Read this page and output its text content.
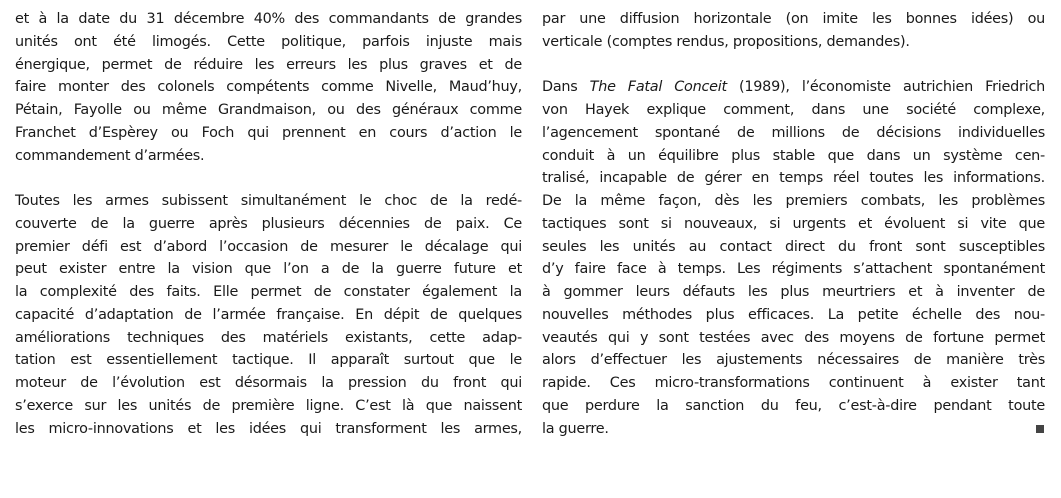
et à la date du 31 décembre 40% des commandants de grandes
unités ont été limogés. Cette politique, parfois injuste mais
énergique, permet de réduire les erreurs les plus graves et de
faire monter des colonels compétents comme Nivelle, Maud’huy,
Pétain, Fayolle ou même Grandmaison, ou des généraux comme
Franchet d’Espèrey ou Foch qui prennent en cours d’action le
commandement d’armées.
Toutes les armes subissent simultanément le choc de la redé-
couverte de la guerre après plusieurs décennies de paix. Ce
premier défi est d’abord l’occasion de mesurer le décalage qui
peut exister entre la vision que l’on a de la guerre future et
la complexité des faits. Elle permet de constater également la
capacité d’adaptation de l’armée française. En dépit de quelques
améliorations techniques des matériels existants, cette adap-
tation est essentiellement tactique. Il apparaît surtout que le
moteur de l’évolution est désormais la pression du front qui
s’exerce sur les unités de première ligne. C’est là que naissent
les micro-innovations et les idées qui transforment les armes,
par une diffusion horizontale (on imite les bonnes idées) ou
verticale (comptes rendus, propositions, demandes).
Dans The Fatal Conceit (1989), l’économiste autrichien Friedrich
von Hayek explique comment, dans une société complexe,
l’agencement spontané de millions de décisions individuelles
conduit à un équilibre plus stable que dans un système cen-
tralisé, incapable de gérer en temps réel toutes les informations.
De la même façon, dès les premiers combats, les problèmes
tactiques sont si nouveaux, si urgents et évoluent si vite que
seules les unités au contact direct du front sont susceptibles
d’y faire face à temps. Les régiments s’attachent spontanément
à gommer leurs défauts les plus meurtriers et à inventer de
nouvelles méthodes plus efficaces. La petite échelle des nou-
veautés qui y sont testées avec des moyens de fortune permet
alors d’effectuer les ajustements nécessaires de manière très
rapide. Ces micro-transformations continuent à exister tant
que perdure la sanction du feu, c’est-à-dire pendant toute
la guerre.
